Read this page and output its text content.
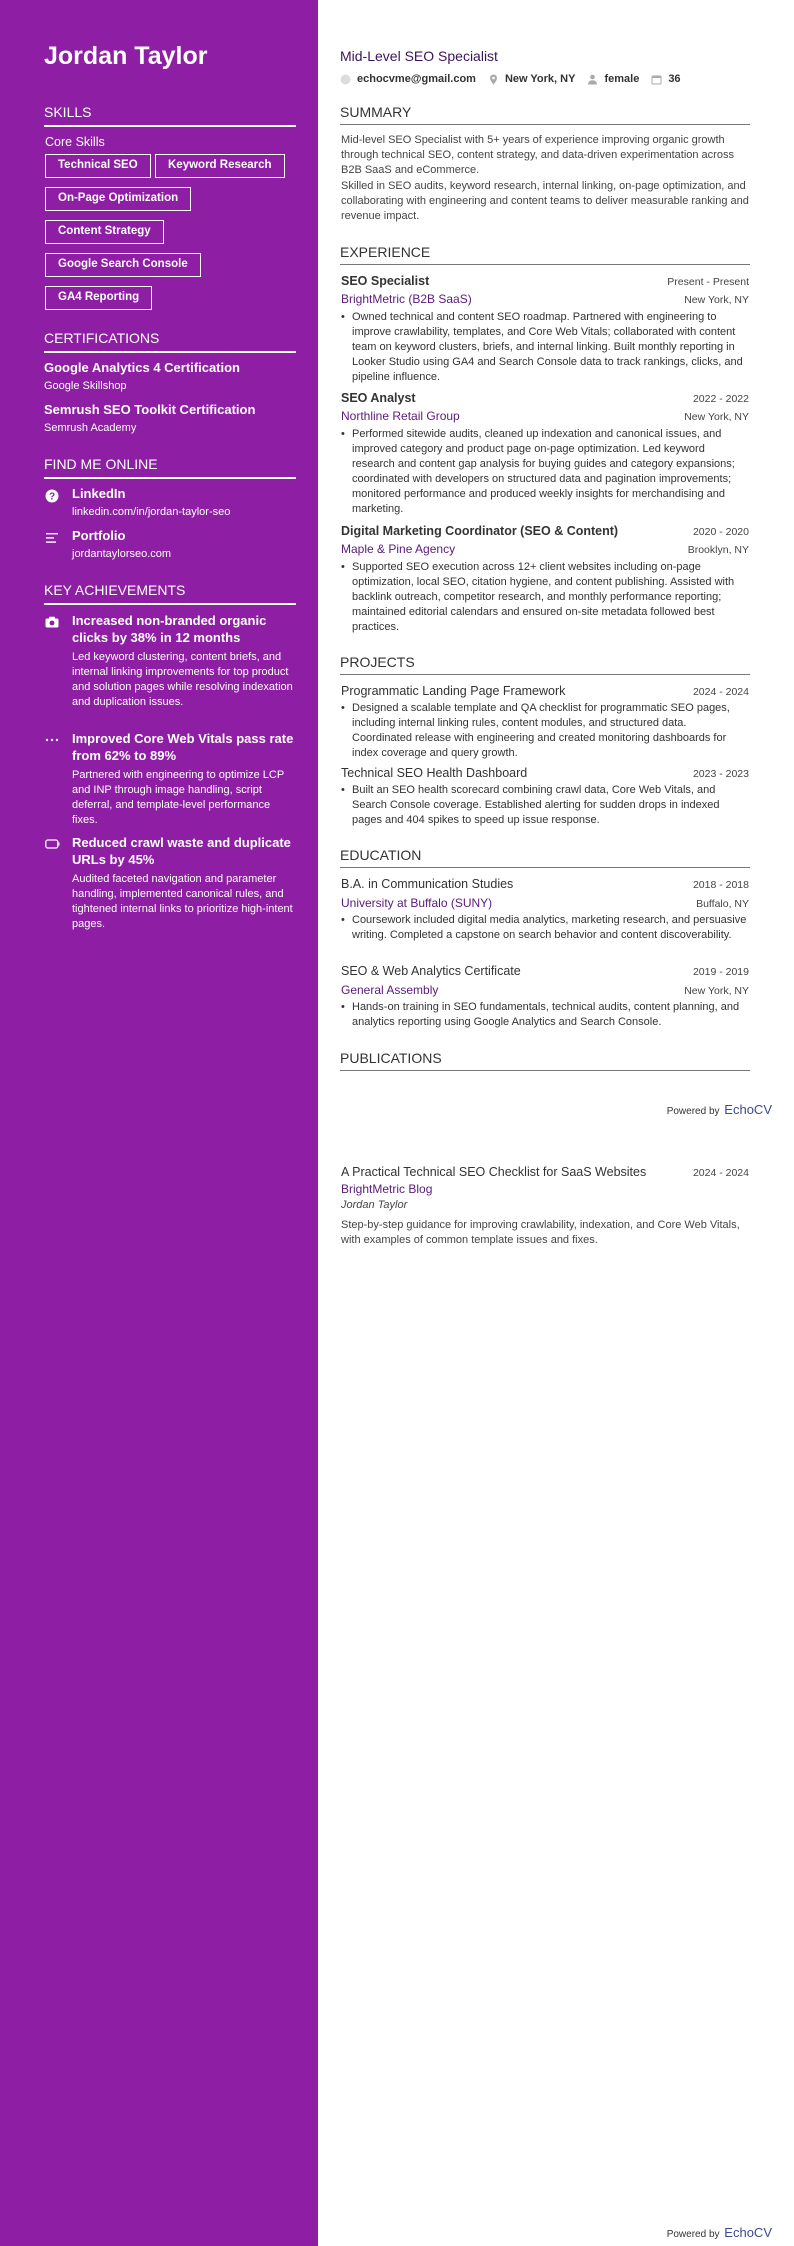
Jordan Taylor
SKILLS
Core Skills
Technical SEO	Keyword Research
On-Page Optimization
Content Strategy
Google Search Console
GA4 Reporting
CERTIFICATIONS
Google Analytics 4 Certification
Google Skillshop
Semrush SEO Toolkit Certification
Semrush Academy
FIND ME ONLINE
? LinkedIn
linkedin.com/in/jordan-taylor-seo
Portfolio
jordantaylorseo.com
KEY ACHIEVEMENTS
Increased non-branded organic clicks by 38% in 12 months
Led keyword clustering, content briefs, and internal linking improvements for top product and solution pages while resolving indexation and duplication issues.
Improved Core Web Vitals pass rate from 62% to 89%
Partnered with engineering to optimize LCP and INP through image handling, script deferral, and template-level performance fixes.
Reduced crawl waste and duplicate URLs by 45%
Audited faceted navigation and parameter handling, implemented canonical rules, and tightened internal links to prioritize high-intent pages.
Mid-Level SEO Specialist
echocvme@gmail.com	New York, NY	female	36
SUMMARY
Mid-level SEO Specialist with 5+ years of experience improving organic growth through technical SEO, content strategy, and data-driven experimentation across B2B SaaS and eCommerce.
Skilled in SEO audits, keyword research, internal linking, on-page optimization, and collaborating with engineering and content teams to deliver measurable ranking and revenue impact.
EXPERIENCE
SEO Specialist	Present - Present
BrightMetric (B2B SaaS)	New York, NY
• Owned technical and content SEO roadmap. Partnered with engineering to improve crawlability, templates, and Core Web Vitals; collaborated with content team on keyword clusters, briefs, and internal linking. Built monthly reporting in Looker Studio using GA4 and Search Console data to track rankings, clicks, and pipeline influence.
SEO Analyst	2022 - 2022
Northline Retail Group	New York, NY
• Performed sitewide audits, cleaned up indexation and canonical issues, and improved category and product page on-page optimization. Led keyword research and content gap analysis for buying guides and category expansions; coordinated with developers on structured data and pagination improvements; monitored performance and produced weekly insights for merchandising and marketing.
Digital Marketing Coordinator (SEO & Content)	2020 - 2020
Maple & Pine Agency	Brooklyn, NY
• Supported SEO execution across 12+ client websites including on-page optimization, local SEO, citation hygiene, and content publishing. Assisted with backlink outreach, competitor research, and monthly performance reporting; maintained editorial calendars and ensured on-site metadata followed best practices.
PROJECTS
Programmatic Landing Page Framework	2024 - 2024
• Designed a scalable template and QA checklist for programmatic SEO pages, including internal linking rules, content modules, and structured data. Coordinated release with engineering and created monitoring dashboards for index coverage and query growth.
Technical SEO Health Dashboard	2023 - 2023
• Built an SEO health scorecard combining crawl data, Core Web Vitals, and Search Console coverage. Established alerting for sudden drops in indexed pages and 404 spikes to speed up issue response.
EDUCATION
B.A. in Communication Studies	2018 - 2018
University at Buffalo (SUNY)	Buffalo, NY
• Coursework included digital media analytics, marketing research, and persuasive writing. Completed a capstone on search behavior and content discoverability.
SEO & Web Analytics Certificate	2019 - 2019
General Assembly	New York, NY
• Hands-on training in SEO fundamentals, technical audits, content planning, and analytics reporting using Google Analytics and Search Console.
PUBLICATIONS
Powered by EchoCV
A Practical Technical SEO Checklist for SaaS Websites	2024 - 2024
BrightMetric Blog
Jordan Taylor
Step-by-step guidance for improving crawlability, indexation, and Core Web Vitals, with examples of common template issues and fixes.
Powered by EchoCV
